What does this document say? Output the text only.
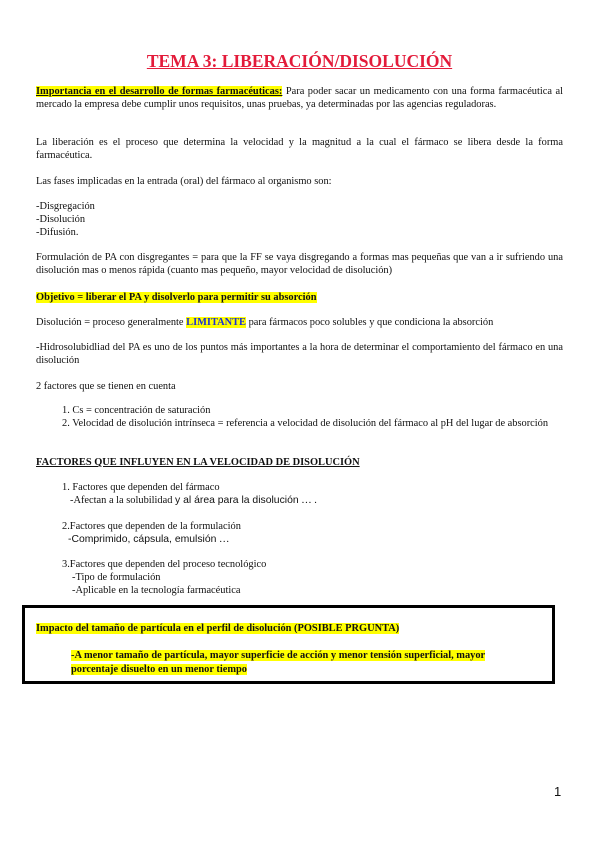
TEMA 3: LIBERACIÓN/DISOLUCIÓN
Importancia en el desarrollo de formas farmacéuticas: Para poder sacar un medicamento con una forma farmacéutica al mercado la empresa debe cumplir unos requisitos, unas pruebas, ya determinadas por las agencias reguladoras.
La liberación es el proceso que determina la velocidad y la magnitud a la cual el fármaco se libera desde la forma farmacéutica.
Las fases implicadas en la entrada (oral) del fármaco al organismo son:
-Disgregación
-Disolución
-Difusión.
Formulación de PA con disgregantes = para que la FF se vaya disgregando a formas mas pequeñas que van a ir sufriendo una disolución mas o menos rápida (cuanto mas pequeño, mayor velocidad de disolución)
Objetivo = liberar el PA y disolverlo para permitir su absorción
Disolución = proceso generalmente LIMITANTE para fármacos poco solubles y que condiciona la absorción
-Hidrosolubidliad del PA es uno de los puntos más importantes a la hora de determinar el comportamiento del fármaco en una disolución
2 factores que se tienen en cuenta
1. Cs = concentración de saturación
2. Velocidad de disolución intrínseca = referencia a velocidad de disolución del fármaco al pH del lugar de absorción
FACTORES QUE INFLUYEN EN LA VELOCIDAD DE DISOLUCIÓN
1. Factores que dependen del fármaco
-Afectan a la solubilidad y al área para la disolución … .
2.Factores que dependen de la formulación
-Comprimido, cápsula, emulsión …
3.Factores que dependen del proceso tecnológico
-Tipo de formulación
-Aplicable en la tecnología farmacéutica
Impacto del tamaño de partícula en el perfil de disolución (POSIBLE PRGUNTA)
-A menor tamaño de partícula, mayor superficie de acción y menor tensión superficial, mayor
porcentaje disuelto en un menor tiempo
1
